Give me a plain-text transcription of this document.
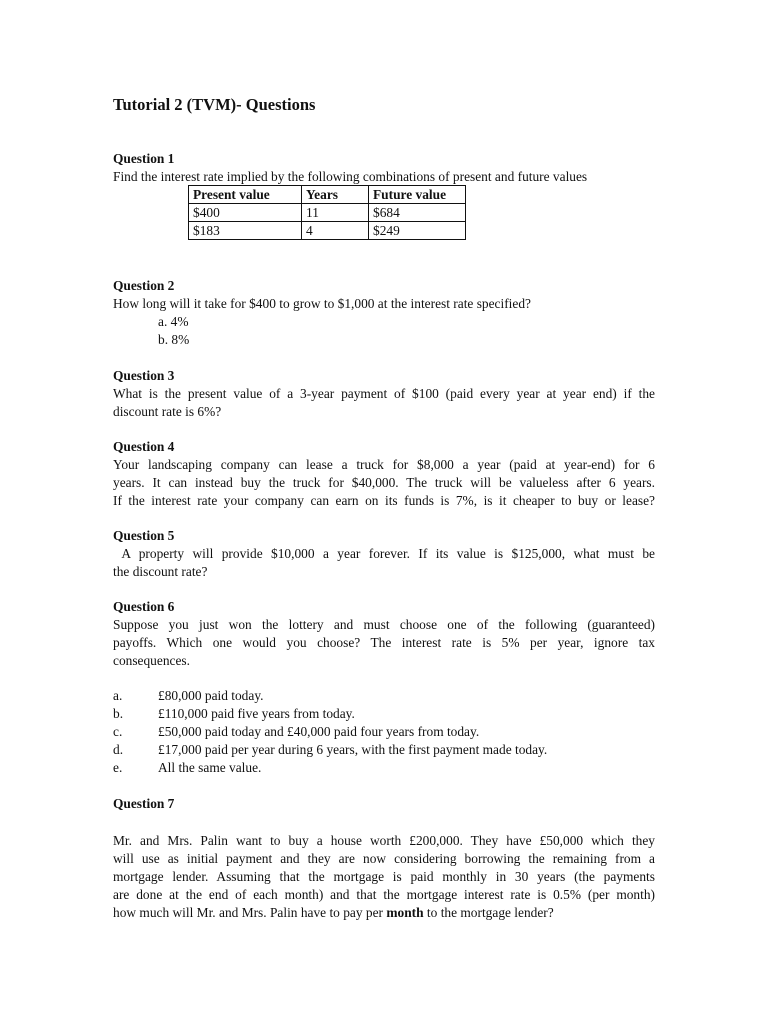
Tutorial 2 (TVM)- Questions
Question 1
Find the interest rate implied by the following combinations of present and future values
Present value	Years	Future value
$400	11	$684
$183	4	$249
Question 2
How long will it take for $400 to grow to $1,000 at the interest rate specified?
a. 4%
b. 8%
Question 3
What is the present value of a 3-year payment of $100 (paid every year at year end) if the
discount rate is 6%?
Question 4
Your landscaping company can lease a truck for $8,000 a year (paid at year-end) for 6
years. It can instead buy the truck for $40,000. The truck will be valueless after 6 years.
If the interest rate your company can earn on its funds is 7%, is it cheaper to buy or lease?
Question 5
A property will provide $10,000 a year forever. If its value is $125,000, what must be
the discount rate?
Question 6
Suppose you just won the lottery and must choose one of the following (guaranteed)
payoffs. Which one would you choose? The interest rate is 5% per year, ignore tax
consequences.
a.	£80,000 paid today.
b.	£110,000 paid five years from today.
c.	£50,000 paid today and £40,000 paid four years from today.
d.	£17,000 paid per year during 6 years, with the first payment made today.
e.	All the same value.
Question 7
Mr. and Mrs. Palin want to buy a house worth £200,000. They have £50,000 which they
will use as initial payment and they are now considering borrowing the remaining from a
mortgage lender. Assuming that the mortgage is paid monthly in 30 years (the payments
are done at the end of each month) and that the mortgage interest rate is 0.5% (per month)
how much will Mr. and Mrs. Palin have to pay per month to the mortgage lender?
